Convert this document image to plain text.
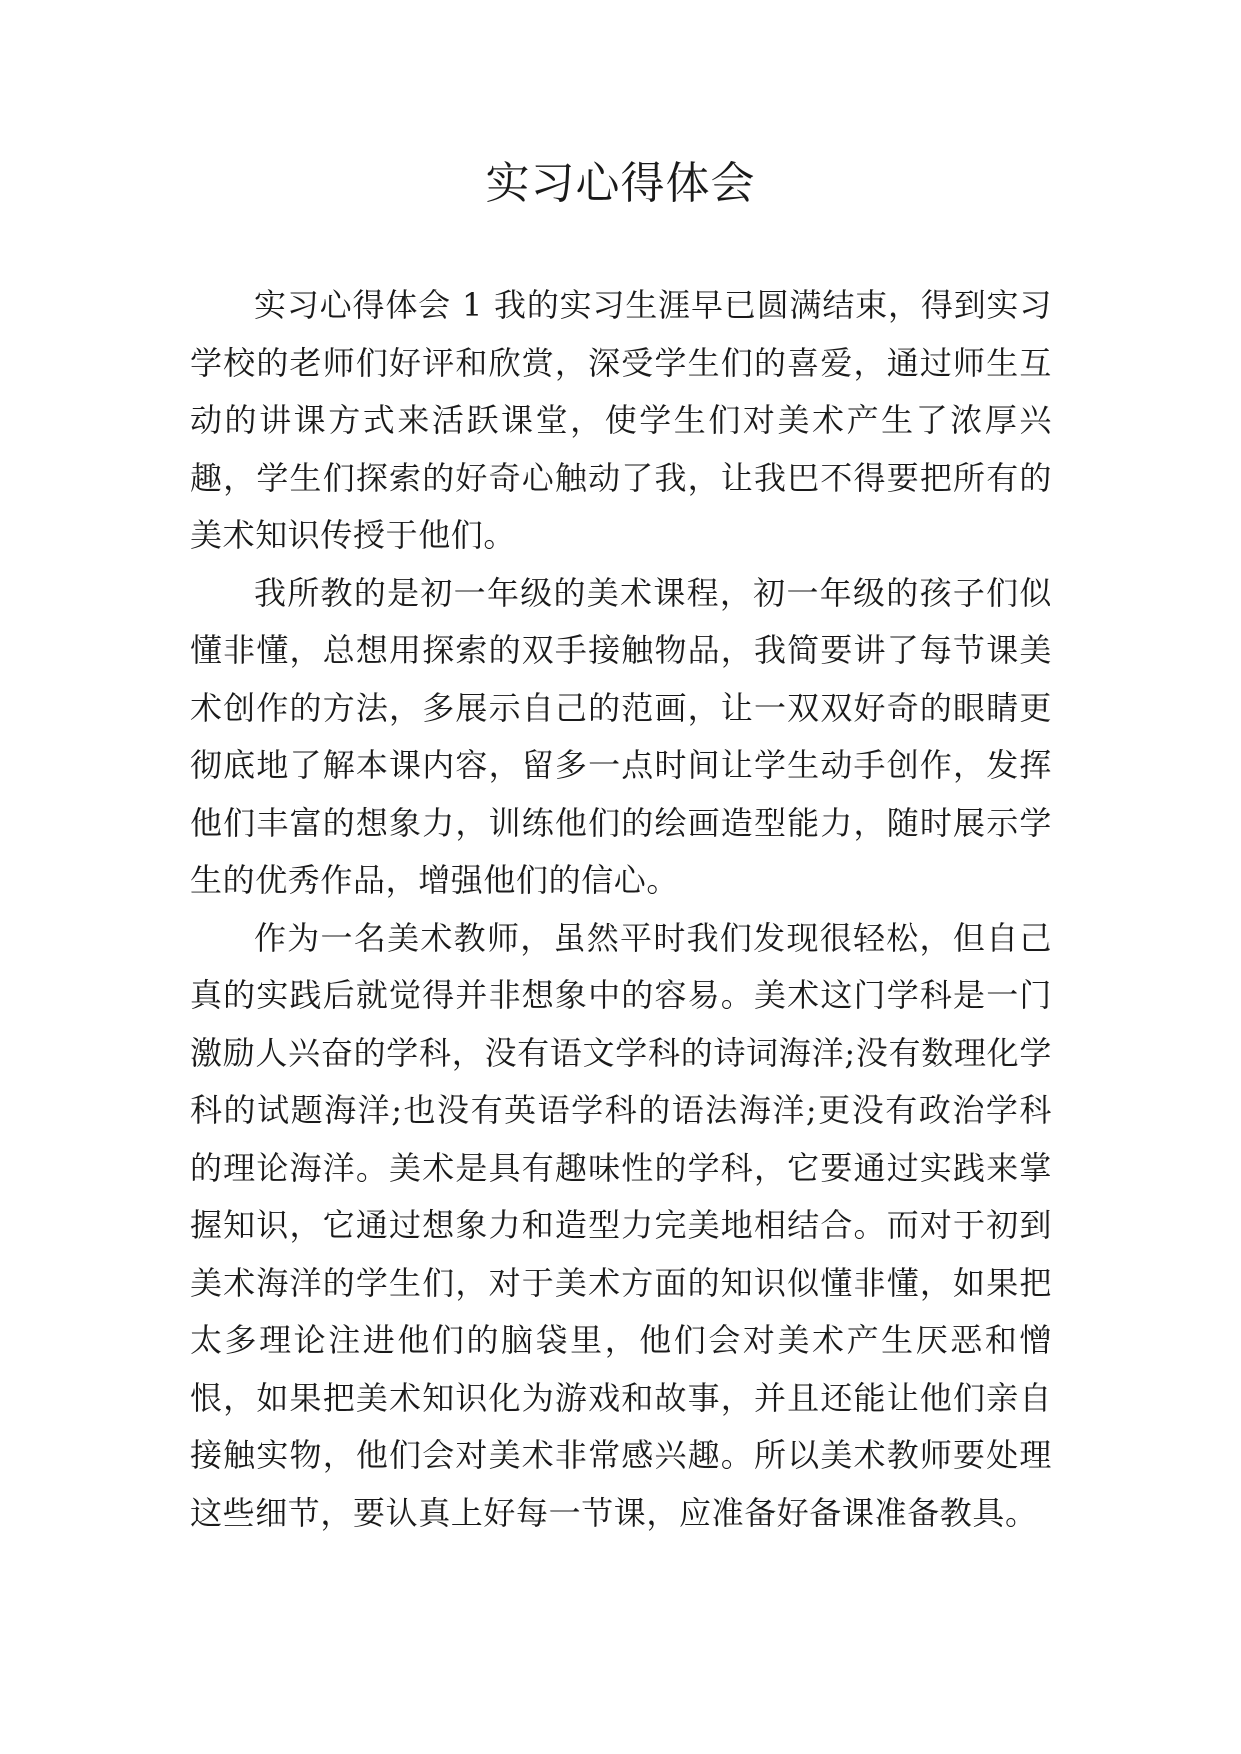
实习心得体会

实习心得体会 1 我的实习生涯早已圆满结束，得到实习学校的老师们好评和欣赏，深受学生们的喜爱，通过师生互动的讲课方式来活跃课堂，使学生们对美术产生了浓厚兴趣，学生们探索的好奇心触动了我，让我巴不得要把所有的美术知识传授于他们。

我所教的是初一年级的美术课程，初一年级的孩子们似懂非懂，总想用探索的双手接触物品，我简要讲了每节课美术创作的方法，多展示自己的范画，让一双双好奇的眼睛更彻底地了解本课内容，留多一点时间让学生动手创作，发挥他们丰富的想象力，训练他们的绘画造型能力，随时展示学生的优秀作品，增强他们的信心。

作为一名美术教师，虽然平时我们发现很轻松，但自己真的实践后就觉得并非想象中的容易。美术这门学科是一门激励人兴奋的学科，没有语文学科的诗词海洋;没有数理化学科的试题海洋;也没有英语学科的语法海洋;更没有政治学科的理论海洋。美术是具有趣味性的学科，它要通过实践来掌握知识，它通过想象力和造型力完美地相结合。而对于初到美术海洋的学生们，对于美术方面的知识似懂非懂，如果把太多理论注进他们的脑袋里，他们会对美术产生厌恶和憎恨，如果把美术知识化为游戏和故事，并且还能让他们亲自接触实物，他们会对美术非常感兴趣。所以美术教师要处理这些细节，要认真上好每一节课，应准备好备课准备教具。
